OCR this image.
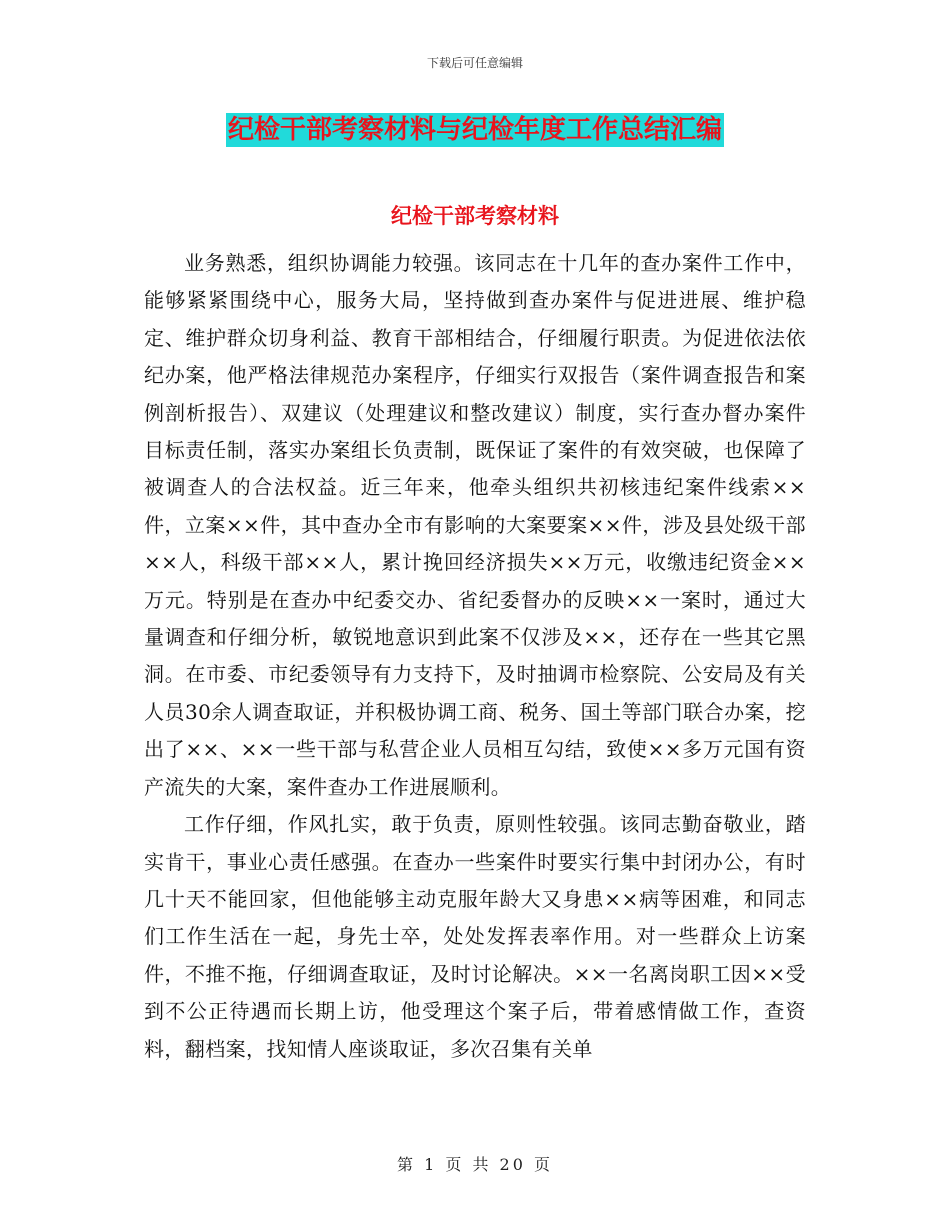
下载后可任意编辑
纪检干部考察材料与纪检年度工作总结汇编
纪检干部考察材料

业务熟悉，组织协调能力较强。该同志在十几年的查办案件工作中，能够紧紧围绕中心，服务大局，坚持做到查办案件与促进进展、维护稳定、维护群众切身利益、教育干部相结合，仔细履行职责。为促进依法依纪办案，他严格法律规范办案程序，仔细实行双报告（案件调查报告和案例剖析报告）、双建议（处理建议和整改建议）制度，实行查办督办案件目标责任制，落实办案组长负责制，既保证了案件的有效突破，也保障了被调查人的合法权益。近三年来，他牵头组织共初核违纪案件线索××件，立案××件，其中查办全市有影响的大案要案××件，涉及县处级干部××人，科级干部××人，累计挽回经济损失××万元，收缴违纪资金××万元。特别是在查办中纪委交办、省纪委督办的反映××一案时，通过大量调查和仔细分析，敏锐地意识到此案不仅涉及××，还存在一些其它黑洞。在市委、市纪委领导有力支持下，及时抽调市检察院、公安局及有关人员30余人调查取证，并积极协调工商、税务、国土等部门联合办案，挖出了××、××一些干部与私营企业人员相互勾结，致使××多万元国有资产流失的大案，案件查办工作进展顺利。

工作仔细，作风扎实，敢于负责，原则性较强。该同志勤奋敬业，踏实肯干，事业心责任感强。在查办一些案件时要实行集中封闭办公，有时几十天不能回家，但他能够主动克服年龄大又身患××病等困难，和同志们工作生活在一起，身先士卒，处处发挥表率作用。对一些群众上访案件，不推不拖，仔细调查取证，及时讨论解决。××一名离岗职工因××受到不公正待遇而长期上访，他受理这个案子后，带着感情做工作，查资料，翻档案，找知情人座谈取证，多次召集有关单

第 1 页 共 20 页
